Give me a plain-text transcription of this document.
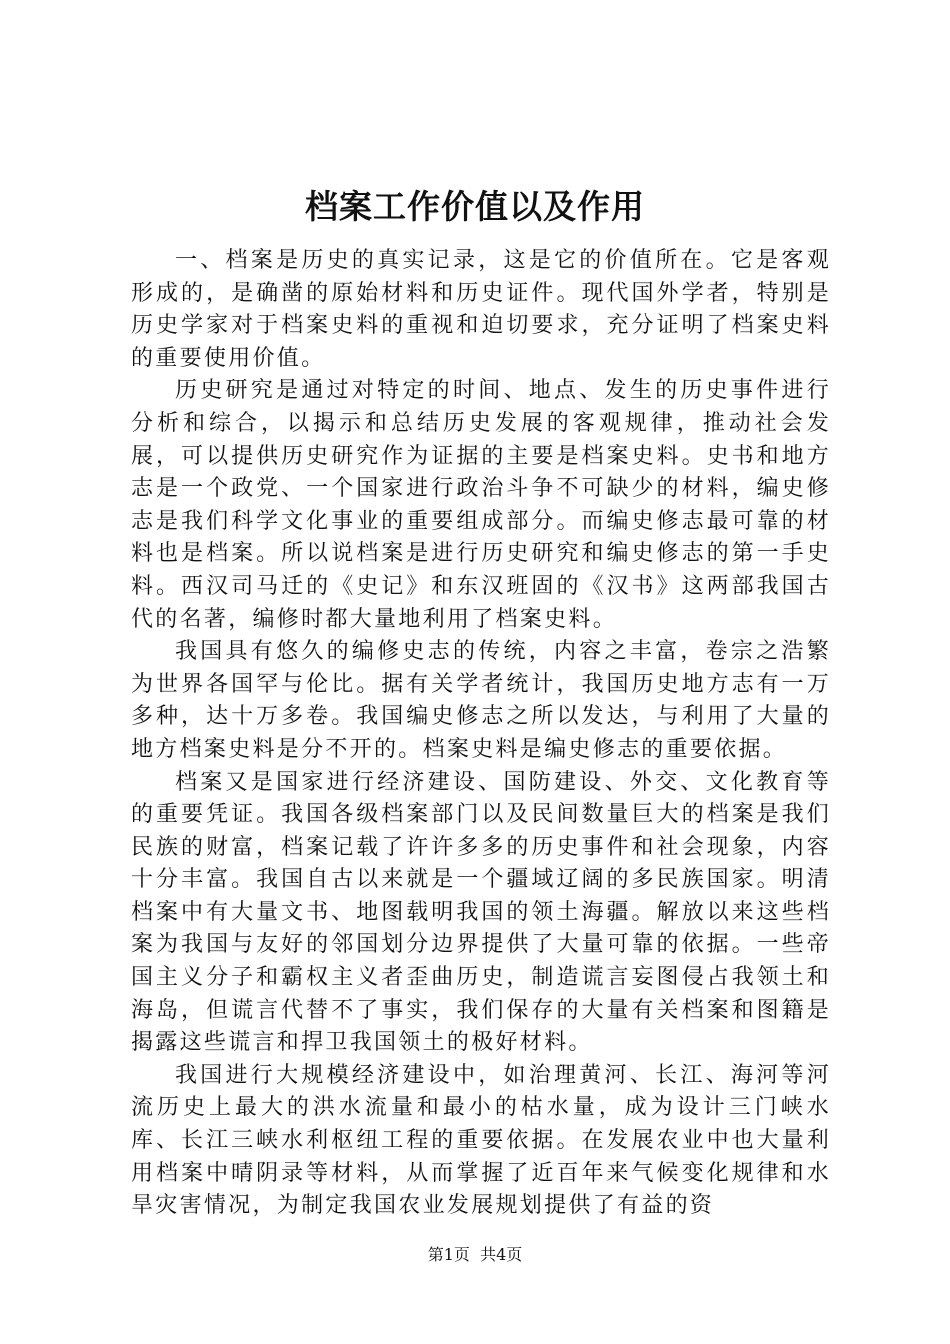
档案工作价值以及作用

一、档案是历史的真实记录，这是它的价值所在。它是客观形成的，是确凿的原始材料和历史证件。现代国外学者，特别是历史学家对于档案史料的重视和迫切要求，充分证明了档案史料的重要使用价值。

历史研究是通过对特定的时间、地点、发生的历史事件进行分析和综合，以揭示和总结历史发展的客观规律，推动社会发展，可以提供历史研究作为证据的主要是档案史料。史书和地方志是一个政党、一个国家进行政治斗争不可缺少的材料，编史修志是我们科学文化事业的重要组成部分。而编史修志最可靠的材料也是档案。所以说档案是进行历史研究和编史修志的第一手史料。西汉司马迁的《史记》和东汉班固的《汉书》这两部我国古代的名著，编修时都大量地利用了档案史料。

我国具有悠久的编修史志的传统，内容之丰富，卷宗之浩繁为世界各国罕与伦比。据有关学者统计，我国历史地方志有一万多种，达十万多卷。我国编史修志之所以发达，与利用了大量的地方档案史料是分不开的。档案史料是编史修志的重要依据。

档案又是国家进行经济建设、国防建设、外交、文化教育等的重要凭证。我国各级档案部门以及民间数量巨大的档案是我们民族的财富，档案记载了许许多多的历史事件和社会现象，内容十分丰富。我国自古以来就是一个疆域辽阔的多民族国家。明清档案中有大量文书、地图载明我国的领土海疆。解放以来这些档案为我国与友好的邻国划分边界提供了大量可靠的依据。一些帝国主义分子和霸权主义者歪曲历史，制造谎言妄图侵占我领土和海岛，但谎言代替不了事实，我们保存的大量有关档案和图籍是揭露这些谎言和捍卫我国领土的极好材料。

我国进行大规模经济建设中，如治理黄河、长江、海河等河流历史上最大的洪水流量和最小的枯水量，成为设计三门峡水库、长江三峡水利枢纽工程的重要依据。在发展农业中也大量利用档案中晴阴录等材料，从而掌握了近百年来气候变化规律和水旱灾害情况，为制定我国农业发展规划提供了有益的资

第1页 共4页
